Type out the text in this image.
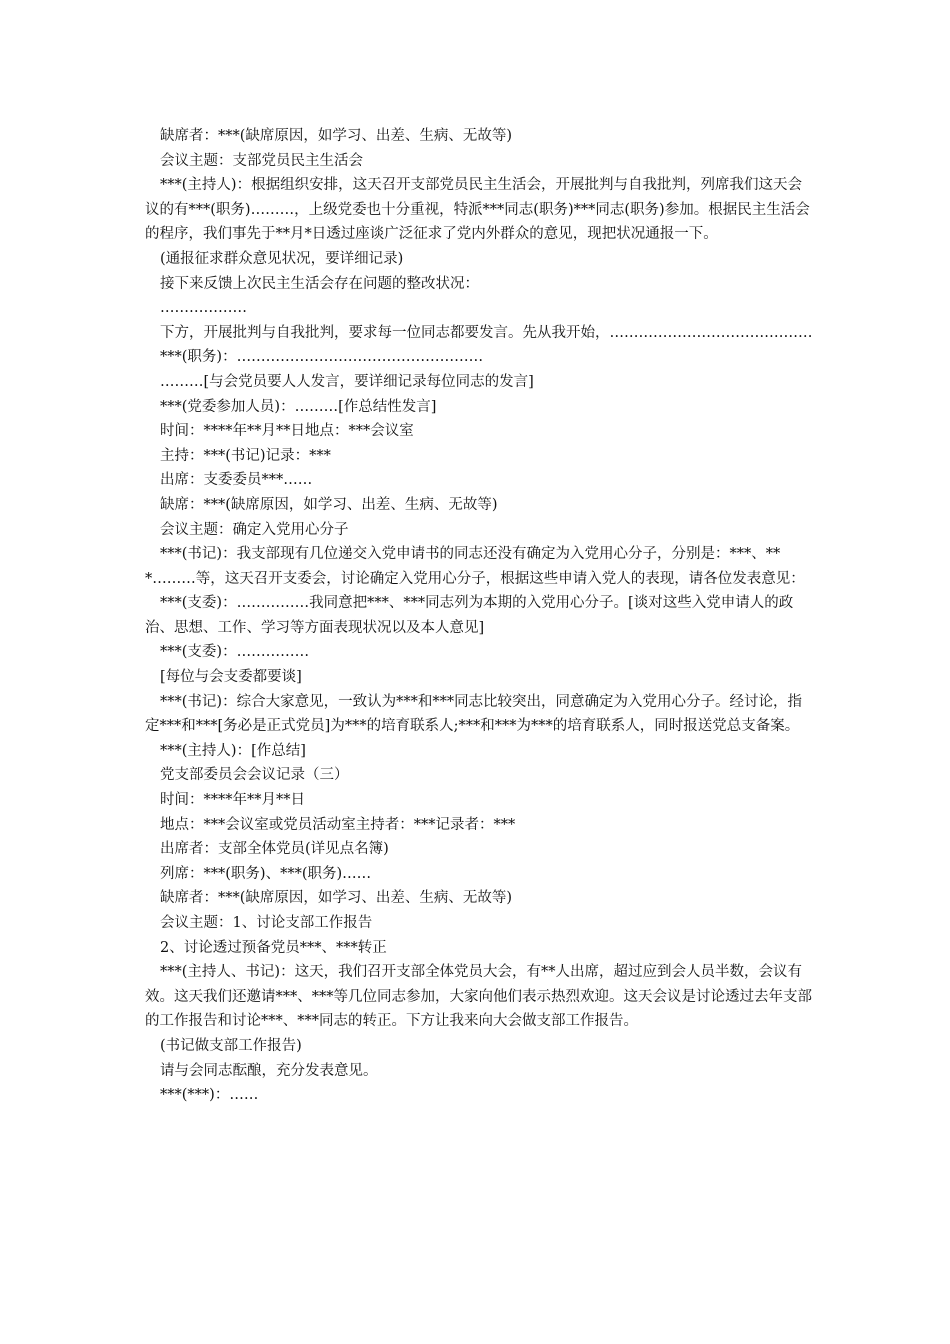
缺席者：***(缺席原因，如学习、出差、生病、无故等)

会议主题：支部党员民主生活会

***(主持人)：根据组织安排，这天召开支部党员民主生活会，开展批判与自我批判，列席我们这天会议的有***(职务)………，上级党委也十分重视，特派***同志(职务)***同志(职务)参加。根据民主生活会的程序，我们事先于**月*日透过座谈广泛征求了党内外群众的意见，现把状况通报一下。

(通报征求群众意见状况，要详细记录)

接下来反馈上次民主生活会存在问题的整改状况：

………………

下方，开展批判与自我批判，要求每一位同志都要发言。先从我开始，……………………………………

***(职务)：……………………………………………

………[与会党员要人人发言，要详细记录每位同志的发言]

***(党委参加人员)：………[作总结性发言]

时间：****年**月**日地点：***会议室

主持：***(书记)记录：***

出席：支委委员***……

缺席：***(缺席原因，如学习、出差、生病、无故等)

会议主题：确定入党用心分子

***(书记)：我支部现有几位递交入党申请书的同志还没有确定为入党用心分子，分别是：***、***………等，这天召开支委会，讨论确定入党用心分子，根据这些申请入党人的表现，请各位发表意见：

***(支委)：……………我同意把***、***同志列为本期的入党用心分子。[谈对这些入党申请人的政治、思想、工作、学习等方面表现状况以及本人意见]

***(支委)：……………

[每位与会支委都要谈]

***(书记)：综合大家意见，一致认为***和***同志比较突出，同意确定为入党用心分子。经讨论，指定***和***[务必是正式党员]为***的培育联系人;***和***为***的培育联系人，同时报送党总支备案。

***(主持人)：[作总结]

党支部委员会会议记录（三）

时间：****年**月**日

地点：***会议室或党员活动室主持者：***记录者：***

出席者：支部全体党员(详见点名簿)

列席：***(职务)、***(职务)……

缺席者：***(缺席原因，如学习、出差、生病、无故等)

会议主题：1、讨论支部工作报告

2、讨论透过预备党员***、***转正

***(主持人、书记)：这天，我们召开支部全体党员大会，有**人出席，超过应到会人员半数，会议有效。这天我们还邀请***、***等几位同志参加，大家向他们表示热烈欢迎。这天会议是讨论透过去年支部的工作报告和讨论***、***同志的转正。下方让我来向大会做支部工作报告。

(书记做支部工作报告)

请与会同志酝酿，充分发表意见。

***(***)：……
